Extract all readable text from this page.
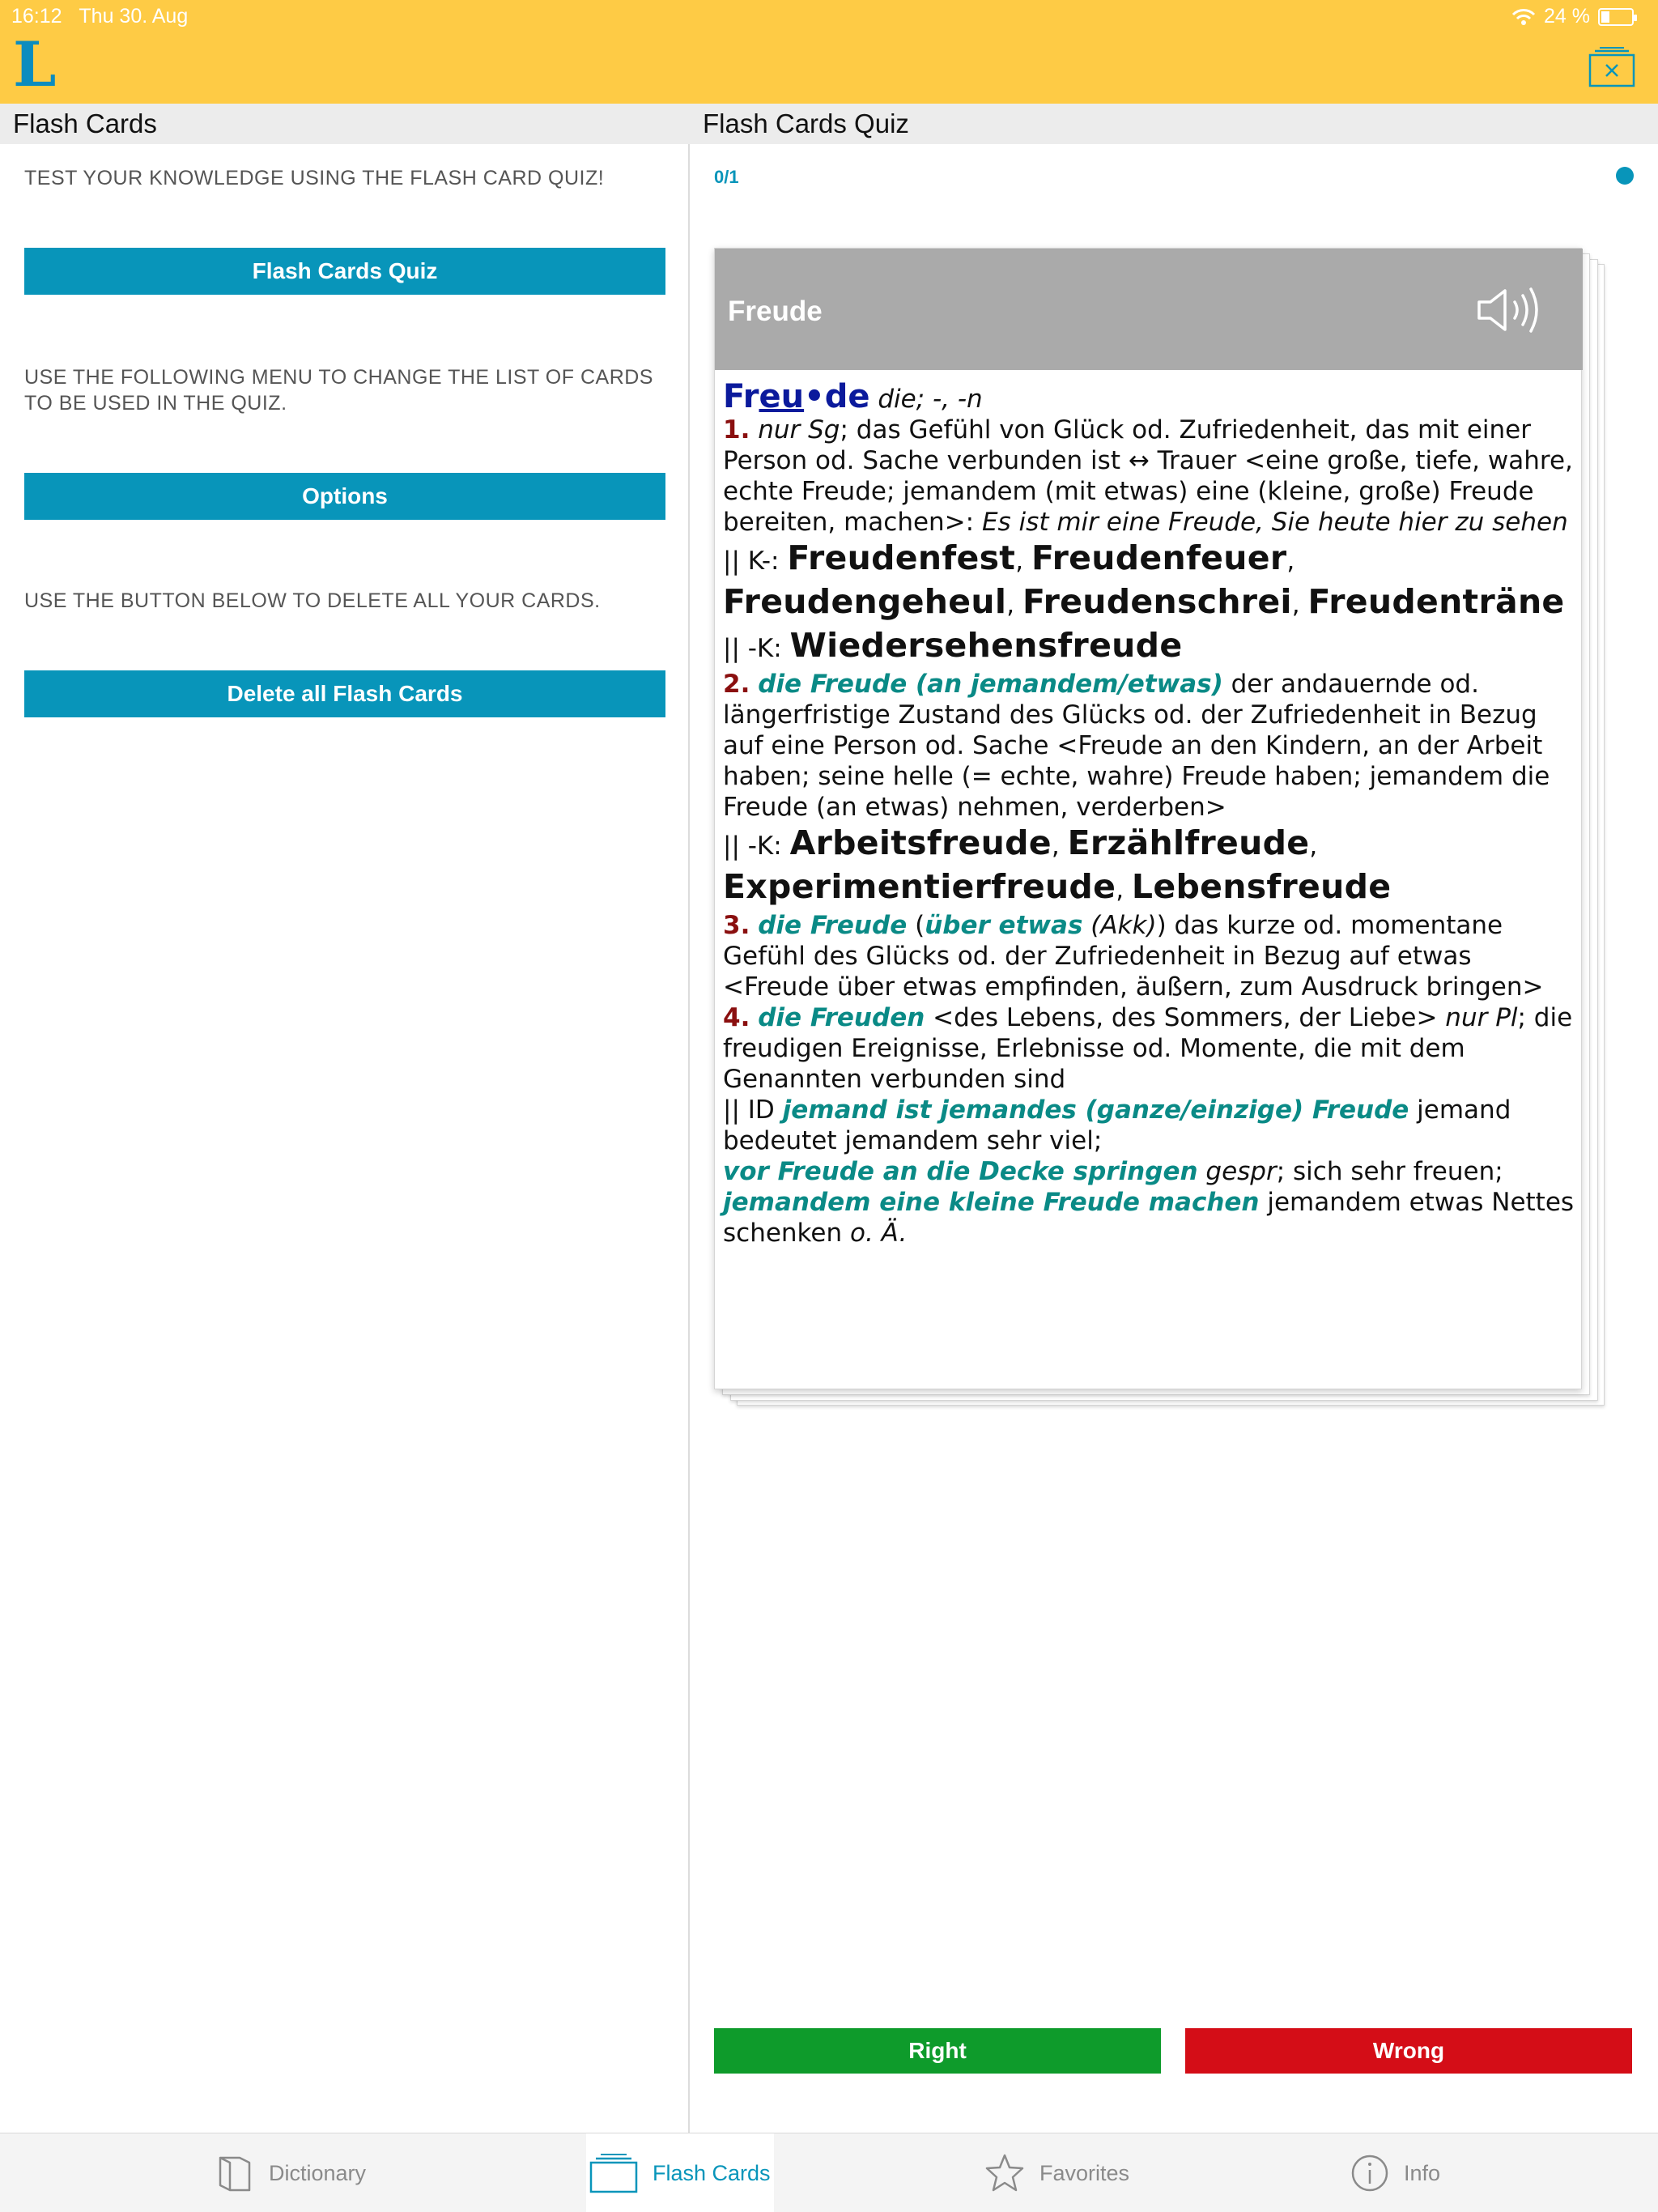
16:12 Thu 30. Aug	24 %
L
Flash Cards	Flash Cards Quiz
TEST YOUR KNOWLEDGE USING THE FLASH CARD QUIZ!
Flash Cards Quiz
USE THE FOLLOWING MENU TO CHANGE THE LIST OF CARDS TO BE USED IN THE QUIZ.
Options
USE THE BUTTON BELOW TO DELETE ALL YOUR CARDS.
Delete all Flash Cards
0/1
Freude
Freu•de die; -, -n
1. nur Sg; das Gefühl von Glück od. Zufriedenheit, das mit einer Person od. Sache verbunden ist ↔ Trauer <eine große, tiefe, wahre, echte Freude; jemandem (mit etwas) eine (kleine, große) Freude bereiten, machen>: Es ist mir eine Freude, Sie heute hier zu sehen
|| K-: Freudenfest, Freudenfeuer, Freudengeheul, Freudenschrei, Freudenträne
|| -K: Wiedersehensfreude
2. die Freude (an jemandem/etwas) der andauernde od. längerfristige Zustand des Glücks od. der Zufriedenheit in Bezug auf eine Person od. Sache <Freude an den Kindern, an der Arbeit haben; seine helle (= echte, wahre) Freude haben; jemandem die Freude (an etwas) nehmen, verderben>
|| -K: Arbeitsfreude, Erzählfreude, Experimentierfreude, Lebensfreude
3. die Freude (über etwas (Akk)) das kurze od. momentane Gefühl des Glücks od. der Zufriedenheit in Bezug auf etwas <Freude über etwas empfinden, äußern, zum Ausdruck bringen>
4. die Freuden <des Lebens, des Sommers, der Liebe> nur Pl; die freudigen Ereignisse, Erlebnisse od. Momente, die mit dem Genannten verbunden sind
|| ID jemand ist jemandes (ganze/einzige) Freude jemand bedeutet jemandem sehr viel;
vor Freude an die Decke springen gespr; sich sehr freuen;
jemandem eine kleine Freude machen jemandem etwas Nettes schenken o. Ä.
Right	Wrong
Dictionary	Flash Cards	Favorites	Info
